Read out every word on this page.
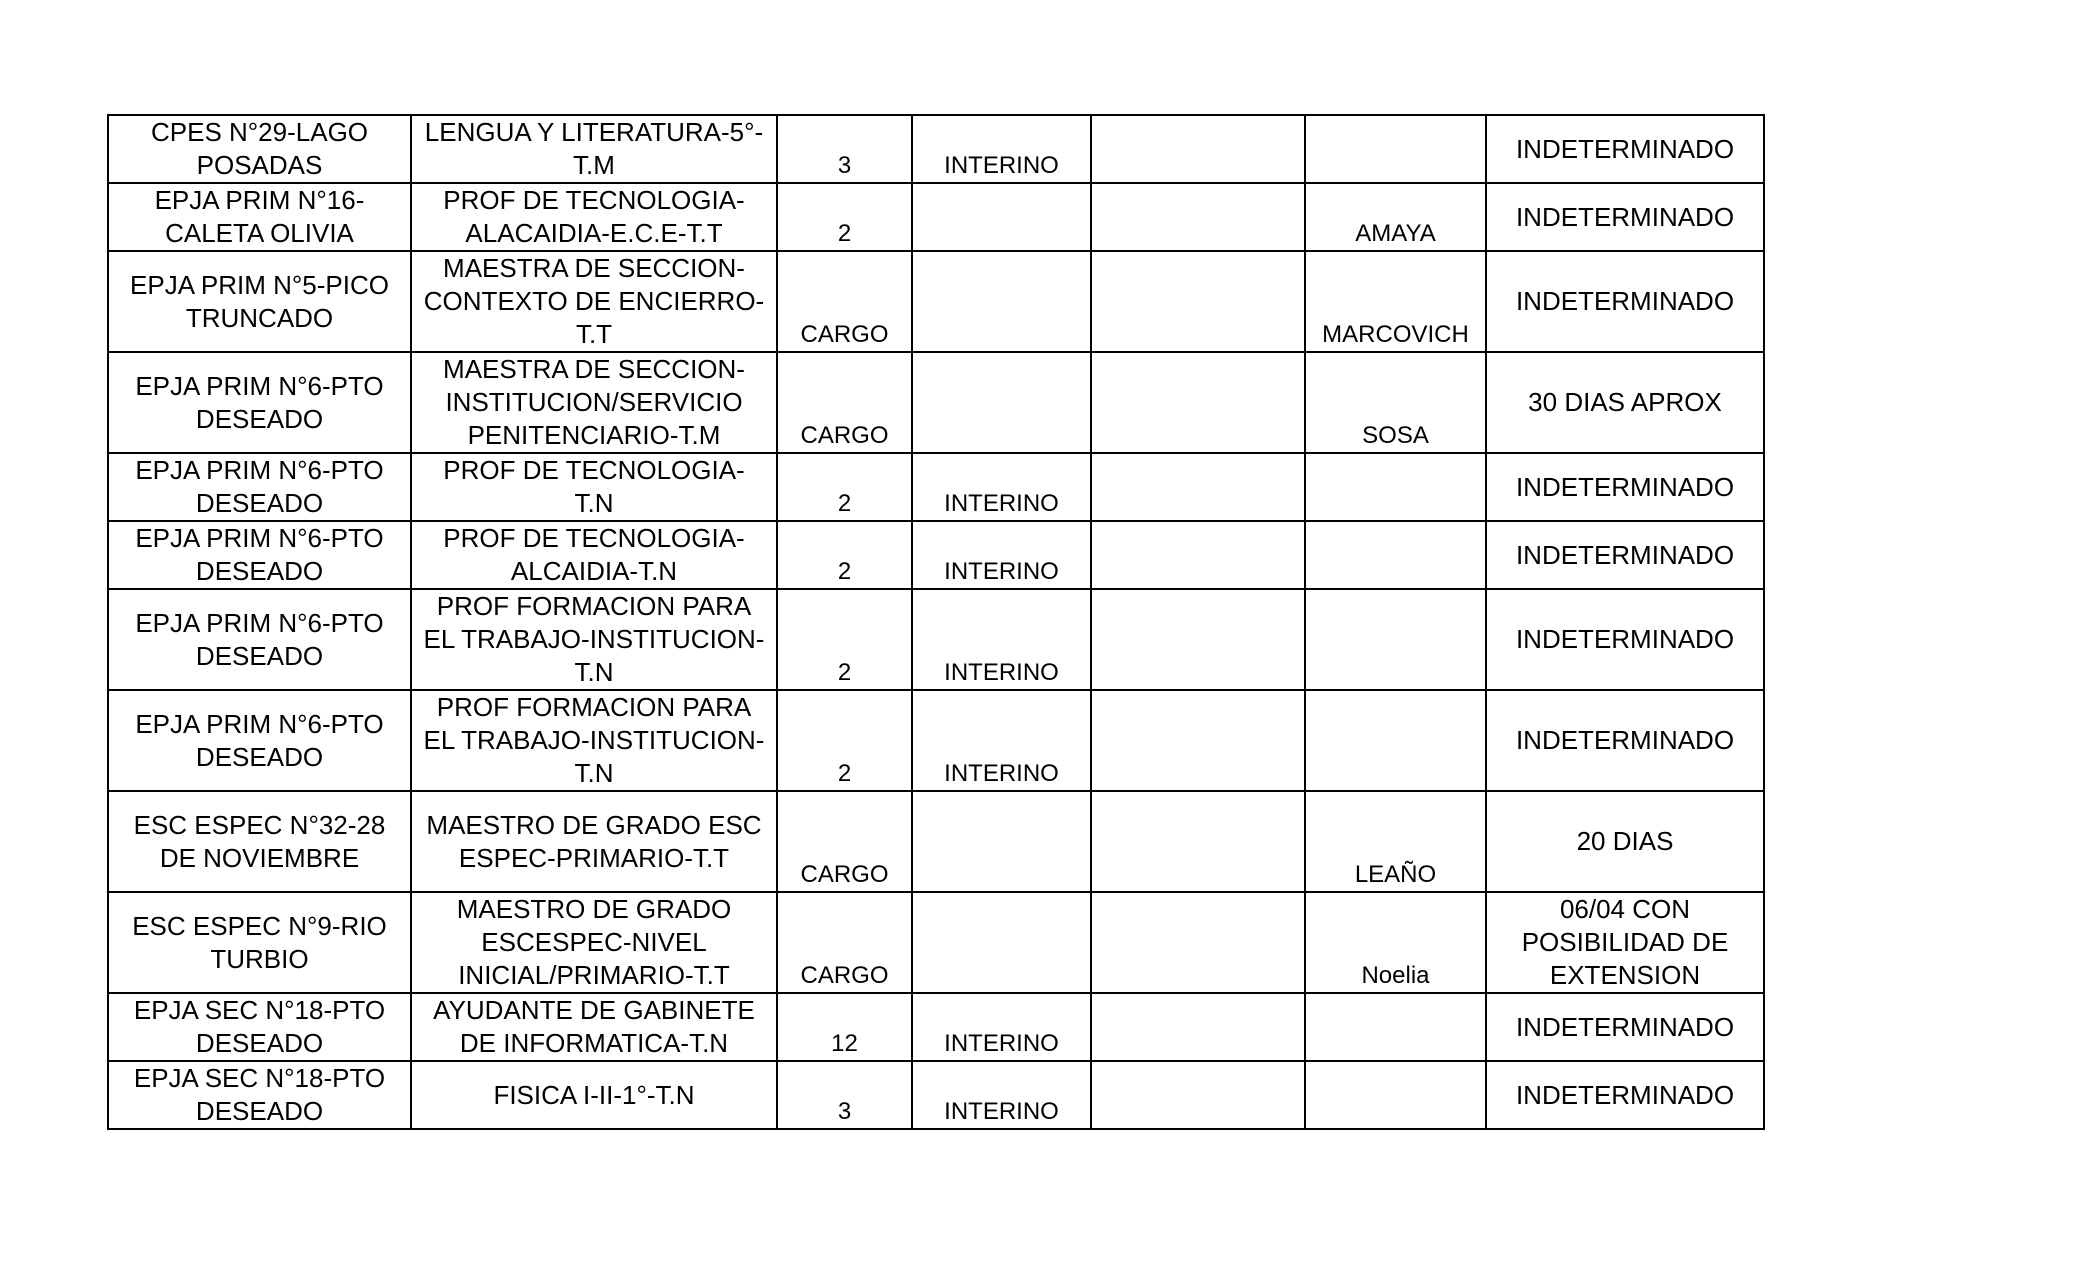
CPES N°29-LAGO
POSADAS	LENGUA Y LITERATURA-5°-
T.M	3	INTERINO			INDETERMINADO

EPJA PRIM N°16-
CALETA OLIVIA	PROF DE TECNOLOGIA-
ALACAIDIA-E.C.E-T.T	2			AMAYA	INDETERMINADO

EPJA PRIM N°5-PICO
TRUNCADO	MAESTRA DE SECCION-
CONTEXTO DE ENCIERRO-
T.T	CARGO			MARCOVICH	INDETERMINADO

EPJA PRIM N°6-PTO
DESEADO	MAESTRA DE SECCION-
INSTITUCION/SERVICIO
PENITENCIARIO-T.M	CARGO			SOSA	30 DIAS APROX

EPJA PRIM N°6-PTO
DESEADO	PROF DE TECNOLOGIA-
T.N	2	INTERINO			INDETERMINADO

EPJA PRIM N°6-PTO
DESEADO	PROF DE TECNOLOGIA-
ALCAIDIA-T.N	2	INTERINO			INDETERMINADO

EPJA PRIM N°6-PTO
DESEADO	PROF FORMACION PARA
EL TRABAJO-INSTITUCION-
T.N	2	INTERINO			INDETERMINADO

EPJA PRIM N°6-PTO
DESEADO	PROF FORMACION PARA
EL TRABAJO-INSTITUCION-
T.N	2	INTERINO			INDETERMINADO

ESC ESPEC N°32-28
DE NOVIEMBRE	MAESTRO DE GRADO ESC
ESPEC-PRIMARIO-T.T	CARGO			LEAÑO	20 DIAS

ESC ESPEC N°9-RIO
TURBIO	MAESTRO DE GRADO
ESCESPEC-NIVEL
INICIAL/PRIMARIO-T.T	CARGO			Noelia	06/04 CON
POSIBILIDAD DE
EXTENSION

EPJA SEC N°18-PTO
DESEADO	AYUDANTE DE GABINETE
DE INFORMATICA-T.N	12	INTERINO			INDETERMINADO

EPJA SEC N°18-PTO
DESEADO	FISICA I-II-1°-T.N	3	INTERINO			INDETERMINADO
